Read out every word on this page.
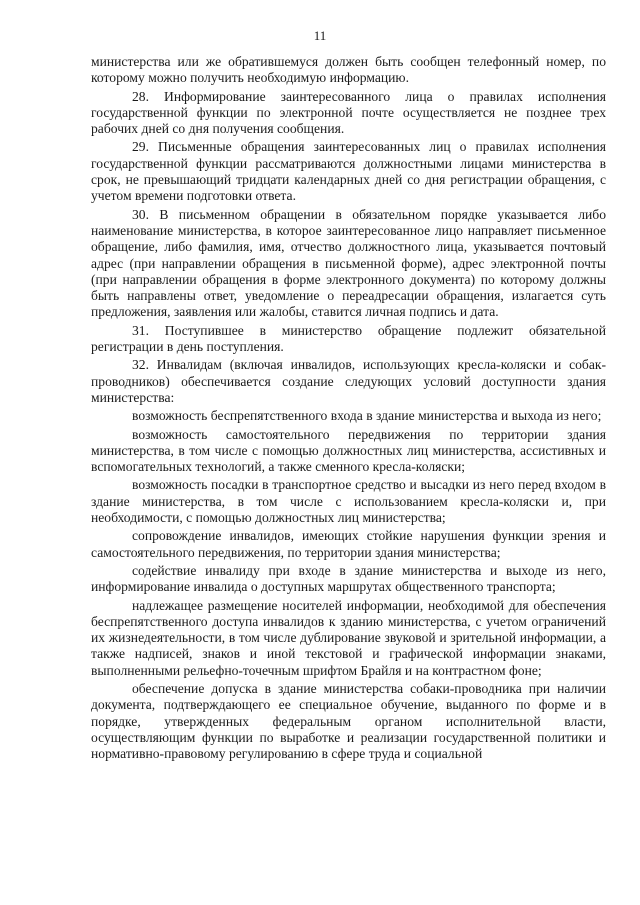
11

министерства или же обратившемуся должен быть сообщен телефонный номер, по которому можно получить необходимую информацию.

28. Информирование заинтересованного лица о правилах исполнения государственной функции по электронной почте осуществляется не позднее трех рабочих дней со дня получения сообщения.

29. Письменные обращения заинтересованных лиц о правилах исполнения государственной функции рассматриваются должностными лицами министерства в срок, не превышающий тридцати календарных дней со дня регистрации обращения, с учетом времени подготовки ответа.

30. В письменном обращении в обязательном порядке указывается либо наименование министерства, в которое заинтересованное лицо направляет письменное обращение, либо фамилия, имя, отчество должностного лица, указывается почтовый адрес (при направлении обращения в письменной форме), адрес электронной почты (при направлении обращения в форме электронного документа) по которому должны быть направлены ответ, уведомление о переадресации обращения, излагается суть предложения, заявления или жалобы, ставится личная подпись и дата.

31. Поступившее в министерство обращение подлежит обязательной регистрации в день поступления.

32. Инвалидам (включая инвалидов, использующих кресла-коляски и собак-проводников) обеспечивается создание следующих условий доступности здания министерства:

возможность беспрепятственного входа в здание министерства и выхода из него;

возможность самостоятельного передвижения по территории здания министерства, в том числе с помощью должностных лиц министерства, ассистивных и вспомогательных технологий, а также сменного кресла-коляски;

возможность посадки в транспортное средство и высадки из него перед входом в здание министерства, в том числе с использованием кресла-коляски и, при необходимости, с помощью должностных лиц министерства;

сопровождение инвалидов, имеющих стойкие нарушения функции зрения и самостоятельного передвижения, по территории здания министерства;

содействие инвалиду при входе в здание министерства и выходе из него, информирование инвалида о доступных маршрутах общественного транспорта;

надлежащее размещение носителей информации, необходимой для обеспечения беспрепятственного доступа инвалидов к зданию министерства, с учетом ограничений их жизнедеятельности, в том числе дублирование звуковой и зрительной информации, а также надписей, знаков и иной текстовой и графической информации знаками, выполненными рельефно-точечным шрифтом Брайля и на контрастном фоне;

обеспечение допуска в здание министерства собаки-проводника при наличии документа, подтверждающего ее специальное обучение, выданного по форме и в порядке, утвержденных федеральным органом исполнительной власти, осуществляющим функции по выработке и реализации государственной политики и нормативно-правовому регулированию в сфере труда и социальной
